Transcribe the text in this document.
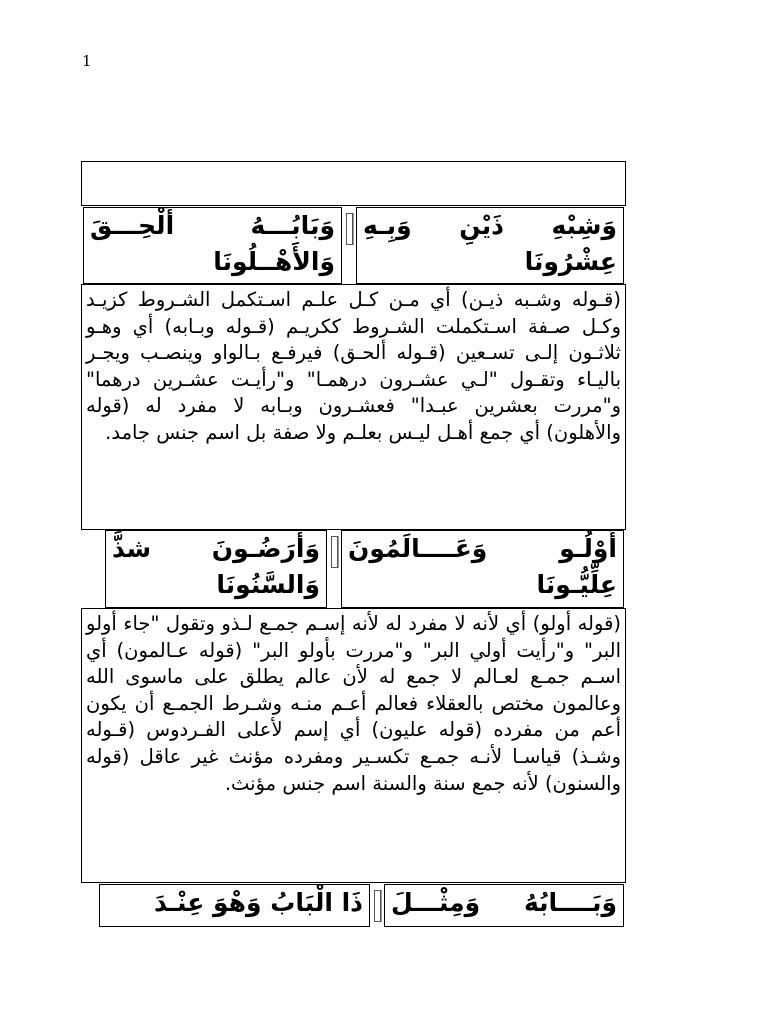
1
وَشِبْهِ ذَيْنِ وَبِـهِ عِشْرُونَا
وَبَابُـــهُ أُلْحِـــقَ وَالأَهْــلُونَا
(قـوله وشـبه ذيـن) أي مـن كـل علـم اسـتكمل الشـروط كزيـد وكـل صـفة اسـتكملت الشـروط ككريـم (قـوله وبـابه) أي وهـو ثلاثـون إلـى تسـعين (قـوله ألحـق) فيرفـع بـالواو وينصـب ويجـر باليـاء وتقـول "لـي عشـرون درهمـا" و"رأيـت عشـرين درهما" و"مررت بعشرين عبـدا" فعشـرون وبـابه لا مفرد له (قوله والأهلون) أي جمع أهـل ليـس بعلـم ولا صفة بل اسم جنس جامد.
أُوْلُـو وَعَــــالَمُونَ عِلِّيُّـونَا
وَأَرَضُـونَ شذَّ وَالسَّنُونَا
(قوله أولو) أي لأنه لا مفرد له لأنه إسـم جمـع لـذو وتقول "جاء أولو البر" و"رأيت أولي البر" و"مررت بأولو البر" (قوله عـالمون) أي اسـم جمـع لعـالم لا جمع له لأن عالم يطلق على ماسوى الله وعالمون مختص بالعقلاء فعالم أعـم منـه وشـرط الجمـع أن يكون أعم من مفرده (قوله عليون) أي إسم لأعلى الفـردوس (قـوله وشـذ) قياسـا لأنـه جمـع تكسـير ومفرده مؤنث غير عاقل (قوله والسنون) لأنه جمع سنة والسنة اسم جنس مؤنث.
وَبَــــابُهُ وَمِثْـــلَ
ذَا الْبَابُ وَهْوَ عِنْـدَ
